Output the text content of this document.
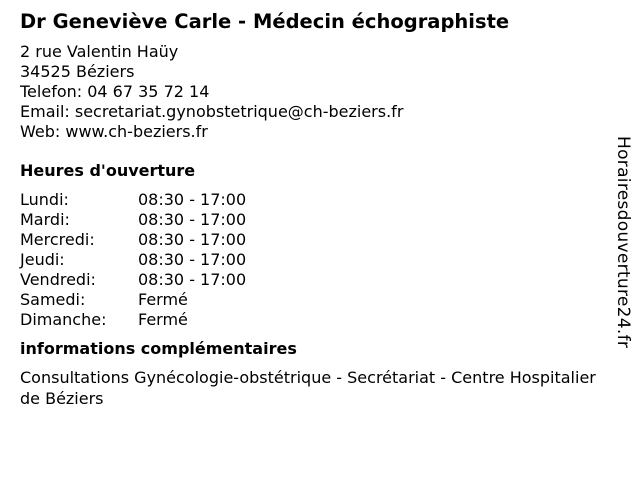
Dr Geneviève Carle - Médecin échographiste
2 rue Valentin Haüy
34525 Béziers
Telefon: 04 67 35 72 14
Email: secretariat.gynobstetrique@ch-beziers.fr
Web: www.ch-beziers.fr
Heures d'ouverture
Lundi:	08:30 - 17:00
Mardi:	08:30 - 17:00
Mercredi:	08:30 - 17:00
Jeudi:	08:30 - 17:00
Vendredi:	08:30 - 17:00
Samedi:	Fermé
Dimanche:	Fermé
informations complémentaires
Consultations Gynécologie-obstétrique - Secrétariat - Centre Hospitalier de Béziers
Horairesdouverture24.fr
